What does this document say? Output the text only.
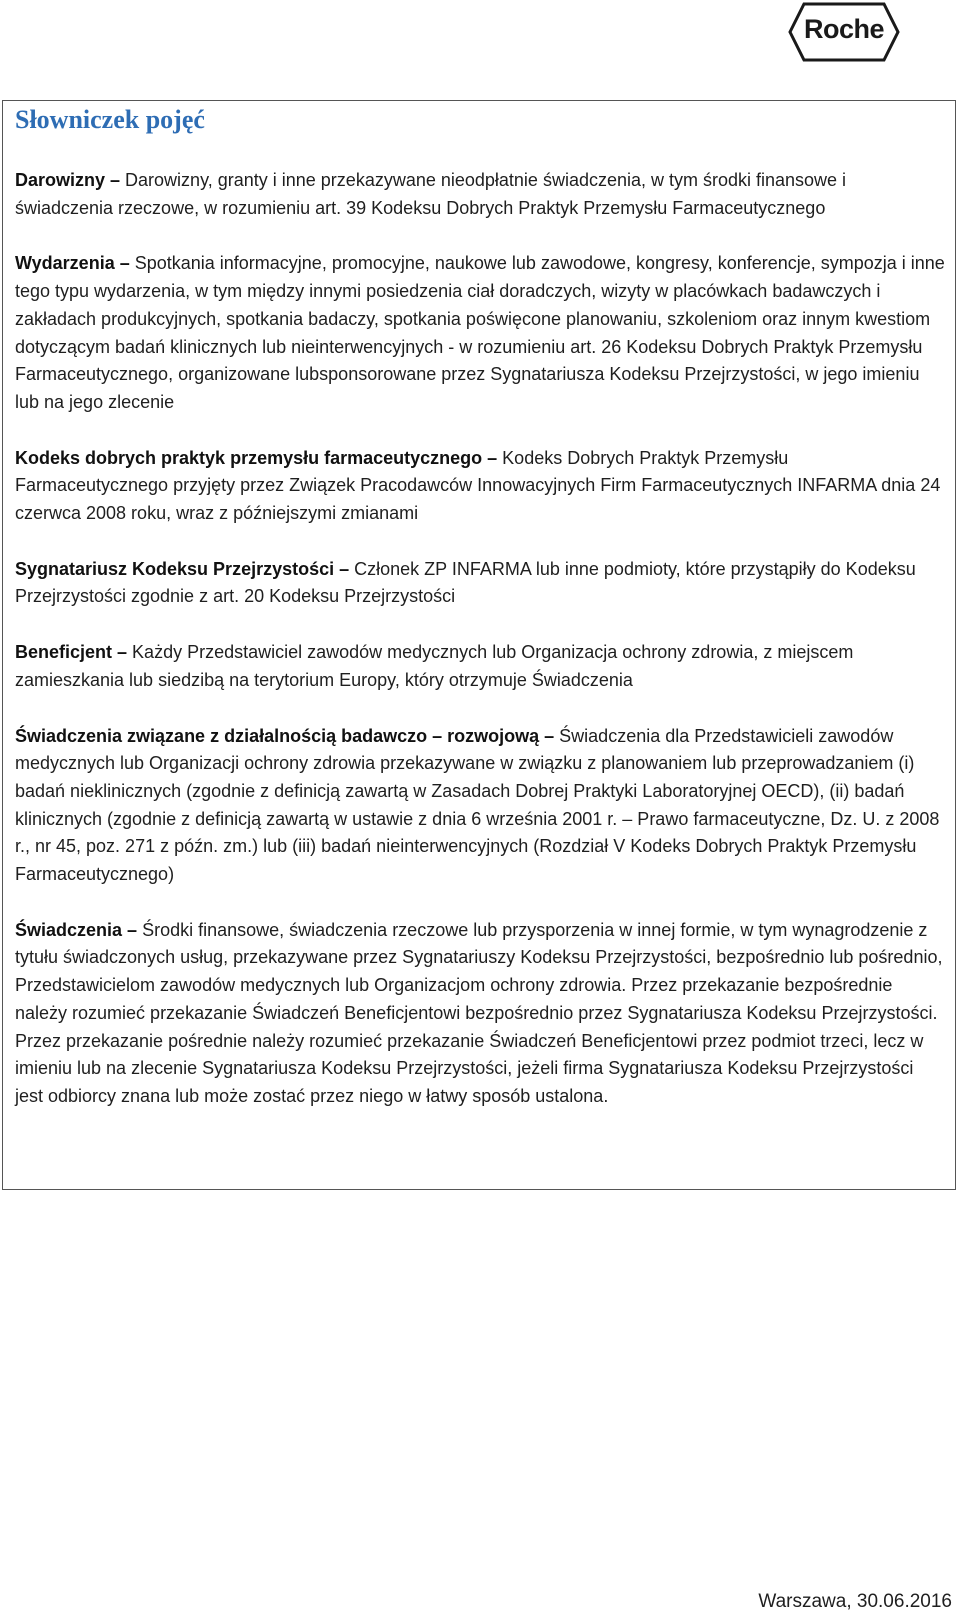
Roche
Słowniczek pojęć

Darowizny – Darowizny, granty i inne przekazywane nieodpłatnie świadczenia, w tym środki finansowe i świadczenia rzeczowe, w rozumieniu art. 39 Kodeksu Dobrych Praktyk Przemysłu Farmaceutycznego

Wydarzenia – Spotkania informacyjne, promocyjne, naukowe lub zawodowe, kongresy, konferencje, sympozja i inne tego typu wydarzenia, w tym między innymi posiedzenia ciał doradczych, wizyty w placówkach badawczych i zakładach produkcyjnych, spotkania badaczy, spotkania poświęcone planowaniu, szkoleniom oraz innym kwestiom dotyczącym badań klinicznych lub nieinterwencyjnych - w rozumieniu art. 26 Kodeksu Dobrych Praktyk Przemysłu Farmaceutycznego, organizowane lubsponsorowane przez Sygnatariusza Kodeksu Przejrzystości, w jego imieniu lub na jego zlecenie

Kodeks dobrych praktyk przemysłu farmaceutycznego – Kodeks Dobrych Praktyk Przemysłu Farmaceutycznego przyjęty przez Związek Pracodawców Innowacyjnych Firm Farmaceutycznych INFARMA dnia 24 czerwca 2008 roku, wraz z późniejszymi zmianami

Sygnatariusz Kodeksu Przejrzystości – Członek ZP INFARMA lub inne podmioty, które przystąpiły do Kodeksu Przejrzystości zgodnie z art. 20 Kodeksu Przejrzystości

Beneficjent – Każdy Przedstawiciel zawodów medycznych lub Organizacja ochrony zdrowia, z miejscem zamieszkania lub siedzibą na terytorium Europy, który otrzymuje Świadczenia

Świadczenia związane z działalnością badawczo – rozwojową – Świadczenia dla Przedstawicieli zawodów medycznych lub Organizacji ochrony zdrowia przekazywane w związku z planowaniem lub przeprowadzaniem (i) badań nieklinicznych (zgodnie z definicją zawartą w Zasadach Dobrej Praktyki Laboratoryjnej OECD), (ii) badań klinicznych (zgodnie z definicją zawartą w ustawie z dnia 6 września 2001 r. – Prawo farmaceutyczne, Dz. U. z 2008 r., nr 45, poz. 271 z późn. zm.) lub (iii) badań nieinterwencyjnych (Rozdział V Kodeks Dobrych Praktyk Przemysłu Farmaceutycznego)

Świadczenia – Środki finansowe, świadczenia rzeczowe lub przysporzenia w innej formie, w tym wynagrodzenie z tytułu świadczonych usług, przekazywane przez Sygnatariuszy Kodeksu Przejrzystości, bezpośrednio lub pośrednio, Przedstawicielom zawodów medycznych lub Organizacjom ochrony zdrowia. Przez przekazanie bezpośrednie należy rozumieć przekazanie Świadczeń Beneficjentowi bezpośrednio przez Sygnatariusza Kodeksu Przejrzystości. Przez przekazanie pośrednie należy rozumieć przekazanie Świadczeń Beneficjentowi przez podmiot trzeci, lecz w imieniu lub na zlecenie Sygnatariusza Kodeksu Przejrzystości, jeżeli firma Sygnatariusza Kodeksu Przejrzystości jest odbiorcy znana lub może zostać przez niego w łatwy sposób ustalona.

Warszawa, 30.06.2016
